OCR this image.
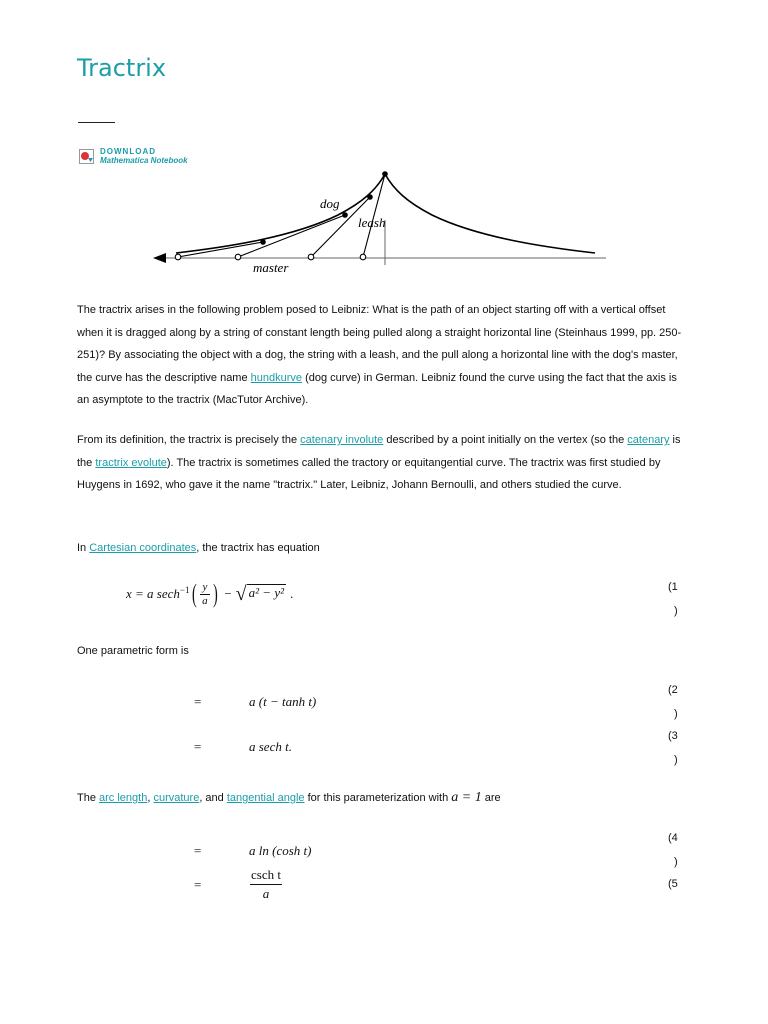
Tractrix
DOWNLOAD
Mathematica Notebook
dog
leash
master
The tractrix arises in the following problem posed to Leibniz: What is the path of an object starting off with a vertical offset when it is dragged along by a string of constant length being pulled along a straight horizontal line (Steinhaus 1999, pp. 250-251)? By associating the object with a dog, the string with a leash, and the pull along a horizontal line with the dog's master, the curve has the descriptive name hundkurve (dog curve) in German. Leibniz found the curve using the fact that the axis is an asymptote to the tractrix (MacTutor Archive).
From its definition, the tractrix is precisely the catenary involute described by a point initially on the vertex (so the catenary is the tractrix evolute). The tractrix is sometimes called the tractory or equitangential curve. The tractrix was first studied by Huygens in 1692, who gave it the name "tractrix." Later, Leibniz, Johann Bernoulli, and others studied the curve.
In Cartesian coordinates, the tractrix has equation
x = a sech$^{-1}$ ( y
a ) − √ a² − y² .	(1
)
One parametric form is
=	a (t − tanh t)
(2
)
=	a sech t.
(3
)
The arc length, curvature, and tangential angle for this parameterization with a = 1 are
=	a ln (cosh t)
(4
)
=
csch t
a
(5
